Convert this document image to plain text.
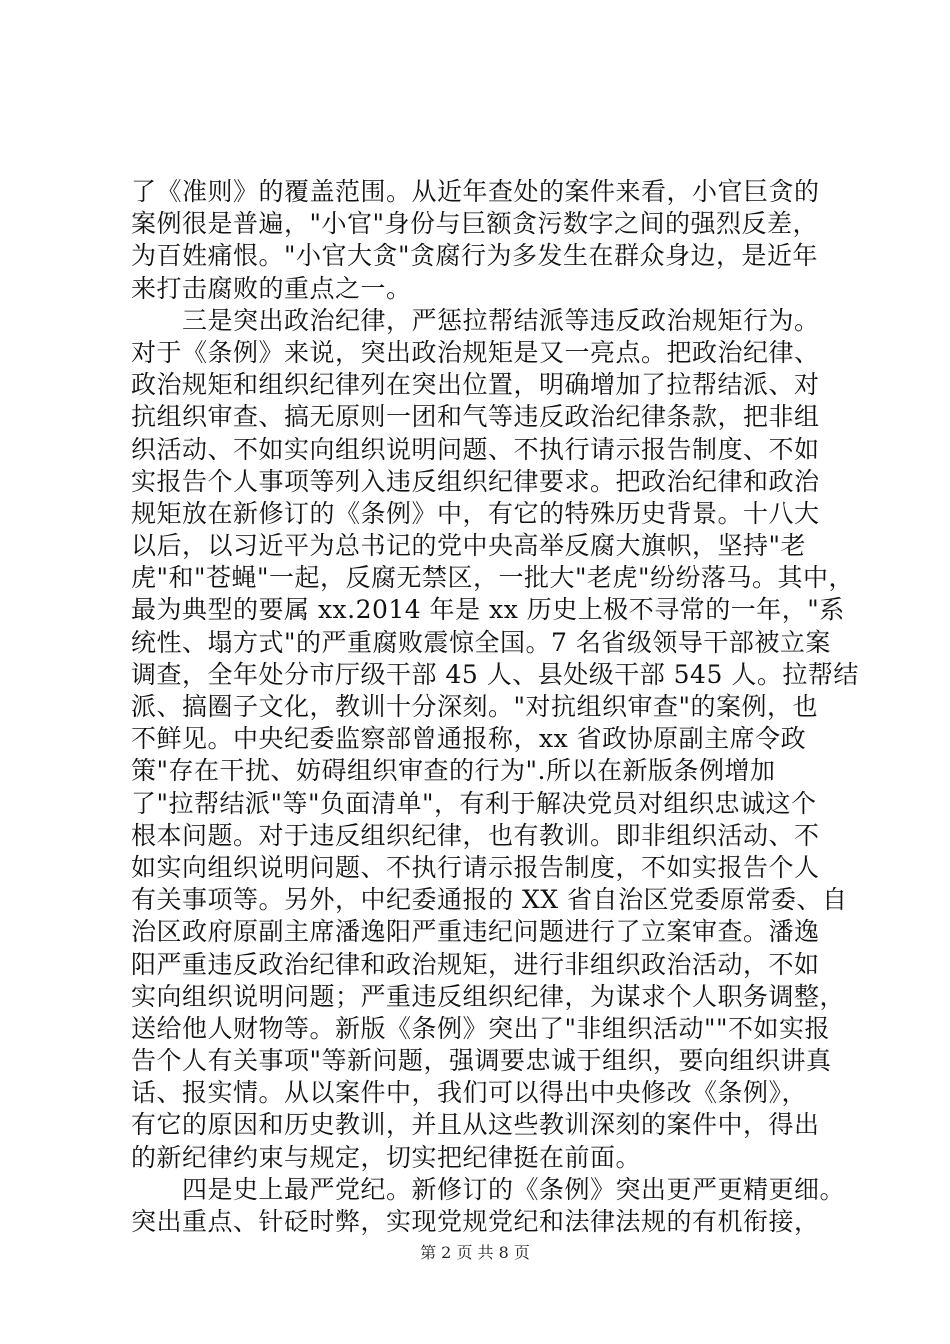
了《准则》的覆盖范围。从近年查处的案件来看，小官巨贪的
案例很是普遍，"小官"身份与巨额贪污数字之间的强烈反差，
为百姓痛恨。"小官大贪"贪腐行为多发生在群众身边，是近年
来打击腐败的重点之一。
　　三是突出政治纪律，严惩拉帮结派等违反政治规矩行为。
对于《条例》来说，突出政治规矩是又一亮点。把政治纪律、
政治规矩和组织纪律列在突出位置，明确增加了拉帮结派、对
抗组织审查、搞无原则一团和气等违反政治纪律条款，把非组
织活动、不如实向组织说明问题、不执行请示报告制度、不如
实报告个人事项等列入违反组织纪律要求。把政治纪律和政治
规矩放在新修订的《条例》中，有它的特殊历史背景。十八大
以后，以习近平为总书记的党中央高举反腐大旗帜，坚持"老
虎"和"苍蝇"一起，反腐无禁区，一批大"老虎"纷纷落马。其中，
最为典型的要属 xx.2014 年是 xx 历史上极不寻常的一年，"系
统性、塌方式"的严重腐败震惊全国。7 名省级领导干部被立案
调查，全年处分市厅级干部 45 人、县处级干部 545 人。拉帮结
派、搞圈子文化，教训十分深刻。"对抗组织审查"的案例，也
不鲜见。中央纪委监察部曾通报称，xx 省政协原副主席令政
策"存在干扰、妨碍组织审查的行为".所以在新版条例增加
了"拉帮结派"等"负面清单"，有利于解决党员对组织忠诚这个
根本问题。对于违反组织纪律，也有教训。即非组织活动、不
如实向组织说明问题、不执行请示报告制度，不如实报告个人
有关事项等。另外，中纪委通报的 XX 省自治区党委原常委、自
治区政府原副主席潘逸阳严重违纪问题进行了立案审查。潘逸
阳严重违反政治纪律和政治规矩，进行非组织政治活动，不如
实向组织说明问题；严重违反组织纪律，为谋求个人职务调整，
送给他人财物等。新版《条例》突出了"非组织活动""不如实报
告个人有关事项"等新问题，强调要忠诚于组织，要向组织讲真
话、报实情。从以案件中，我们可以得出中央修改《条例》，
有它的原因和历史教训，并且从这些教训深刻的案件中，得出
的新纪律约束与规定，切实把纪律挺在前面。
　　四是史上最严党纪。新修订的《条例》突出更严更精更细。
突出重点、针砭时弊，实现党规党纪和法律法规的有机衔接，
第 2 页 共 8 页
